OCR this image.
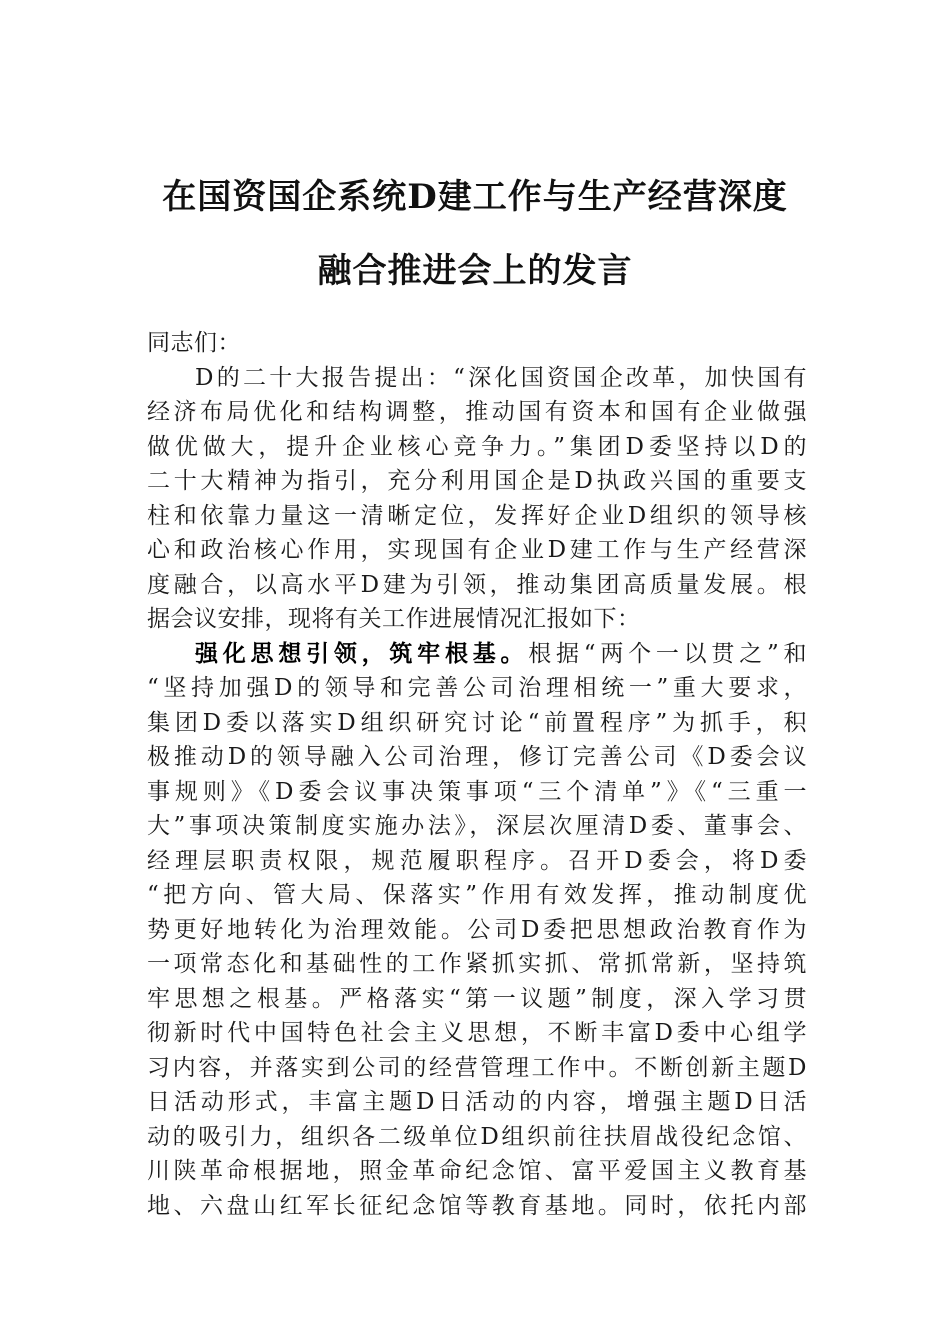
在国资国企系统D建工作与生产经营深度
融合推进会上的发言
同志们：
D的二十大报告提出：“深化国资国企改革，加快国有
经济布局优化和结构调整，推动国有资本和国有企业做强
做优做大，提升企业核心竞争力。”集团D委坚持以D的
二十大精神为指引，充分利用国企是D执政兴国的重要支
柱和依靠力量这一清晰定位，发挥好企业D组织的领导核
心和政治核心作用，实现国有企业D建工作与生产经营深
度融合，以高水平D建为引领，推动集团高质量发展。根
据会议安排，现将有关工作进展情况汇报如下：
强化思想引领，筑牢根基。根据“两个一以贯之”和
“坚持加强D的领导和完善公司治理相统一”重大要求，
集团D委以落实D组织研究讨论“前置程序”为抓手，积
极推动D的领导融入公司治理，修订完善公司《D委会议
事规则》《D委会议事决策事项“三个清单”》《“三重一
大”事项决策制度实施办法》，深层次厘清D委、董事会、
经理层职责权限，规范履职程序。召开D委会，将D委
“把方向、管大局、保落实”作用有效发挥，推动制度优
势更好地转化为治理效能。公司D委把思想政治教育作为
一项常态化和基础性的工作紧抓实抓、常抓常新，坚持筑
牢思想之根基。严格落实“第一议题”制度，深入学习贯
彻新时代中国特色社会主义思想，不断丰富D委中心组学
习内容，并落实到公司的经营管理工作中。不断创新主题D
日活动形式，丰富主题D日活动的内容，增强主题D日活
动的吸引力，组织各二级单位D组织前往扶眉战役纪念馆、
川陕革命根据地，照金革命纪念馆、富平爱国主义教育基
地、六盘山红军长征纪念馆等教育基地。同时，依托内部
